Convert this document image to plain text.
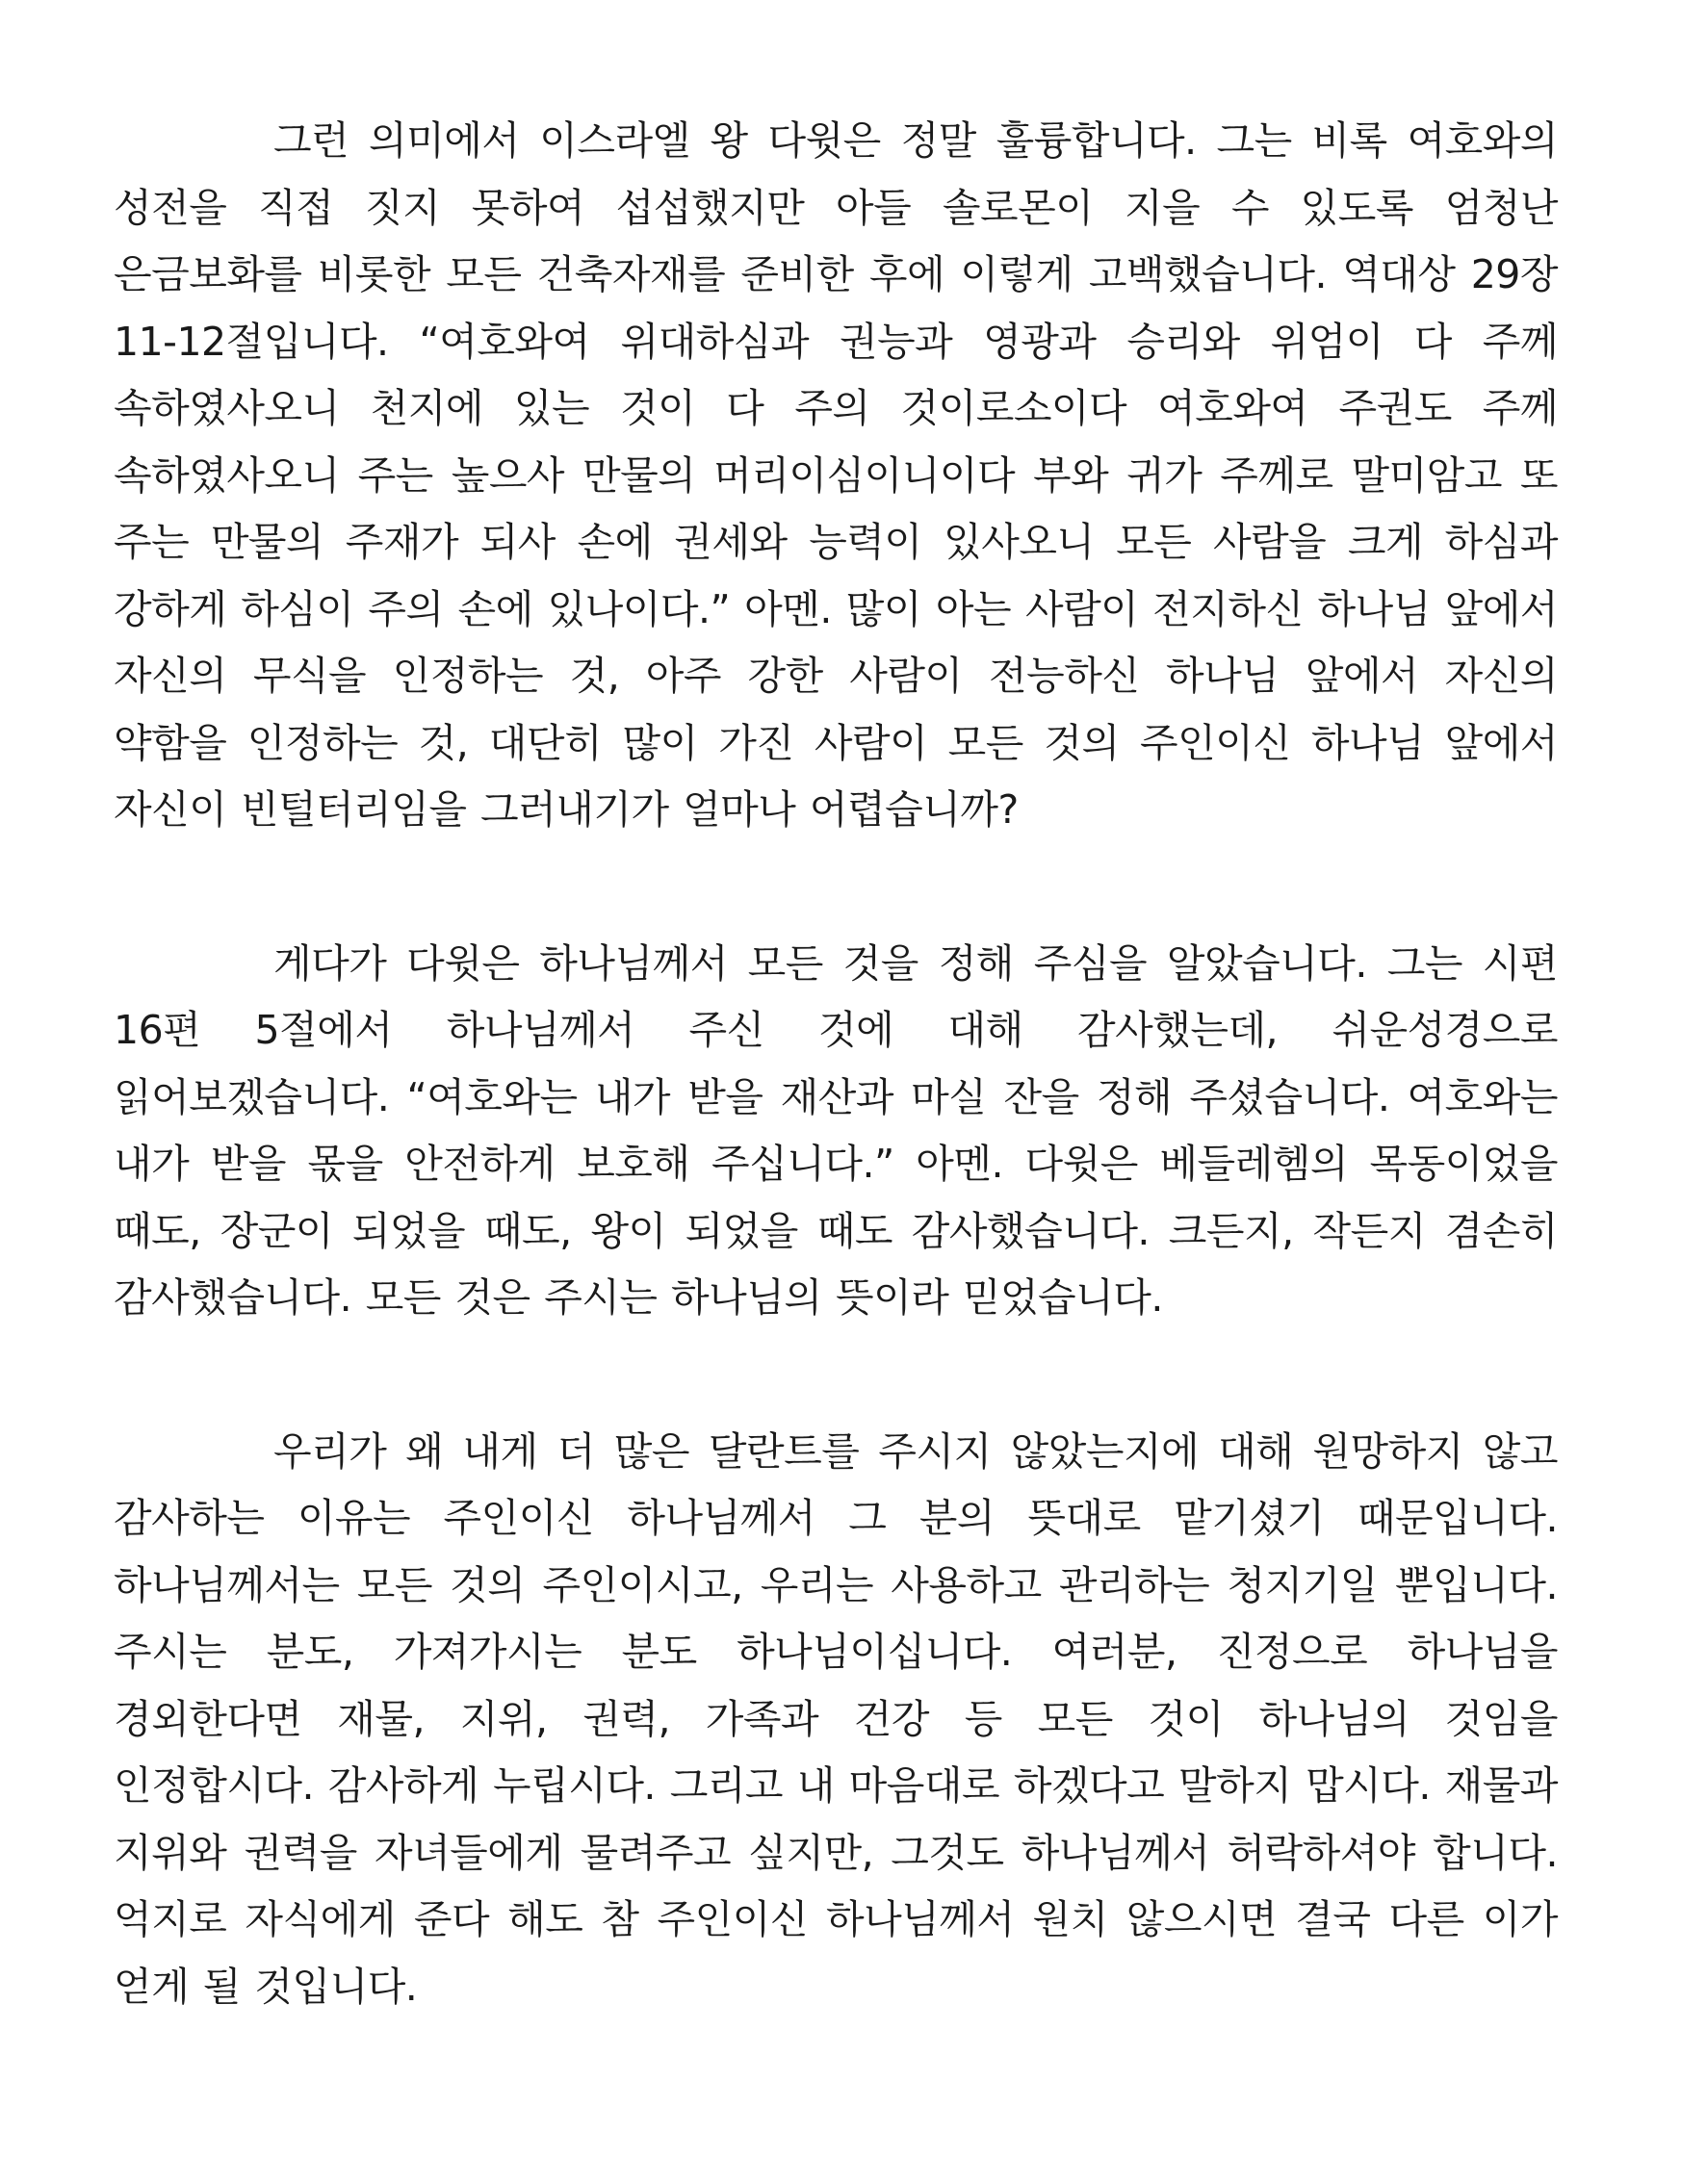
그런 의미에서 이스라엘 왕 다윗은 정말 훌륭합니다. 그는 비록 여호와의 성전을 직접 짓지 못하여 섭섭했지만 아들 솔로몬이 지을 수 있도록 엄청난 은금보화를 비롯한 모든 건축자재를 준비한 후에 이렇게 고백했습니다. 역대상 29장 11-12절입니다. “여호와여 위대하심과 권능과 영광과 승리와 위엄이 다 주께 속하였사오니 천지에 있는 것이 다 주의 것이로소이다 여호와여 주권도 주께 속하였사오니 주는 높으사 만물의 머리이심이니이다 부와 귀가 주께로 말미암고 또 주는 만물의 주재가 되사 손에 권세와 능력이 있사오니 모든 사람을 크게 하심과 강하게 하심이 주의 손에 있나이다.” 아멘. 많이 아는 사람이 전지하신 하나님 앞에서 자신의 무식을 인정하는 것, 아주 강한 사람이 전능하신 하나님 앞에서 자신의 약함을 인정하는 것, 대단히 많이 가진 사람이 모든 것의 주인이신 하나님 앞에서 자신이 빈털터리임을 그러내기가 얼마나 어렵습니까?

게다가 다윗은 하나님께서 모든 것을 정해 주심을 알았습니다. 그는 시편 16편 5절에서 하나님께서 주신 것에 대해 감사했는데, 쉬운성경으로 읽어보겠습니다. “여호와는 내가 받을 재산과 마실 잔을 정해 주셨습니다. 여호와는 내가 받을 몫을 안전하게 보호해 주십니다.” 아멘. 다윗은 베들레헴의 목동이었을 때도, 장군이 되었을 때도, 왕이 되었을 때도 감사했습니다. 크든지, 작든지 겸손히 감사했습니다. 모든 것은 주시는 하나님의 뜻이라 믿었습니다.

우리가 왜 내게 더 많은 달란트를 주시지 않았는지에 대해 원망하지 않고 감사하는 이유는 주인이신 하나님께서 그 분의 뜻대로 맡기셨기 때문입니다. 하나님께서는 모든 것의 주인이시고, 우리는 사용하고 관리하는 청지기일 뿐입니다. 주시는 분도, 가져가시는 분도 하나님이십니다. 여러분, 진정으로 하나님을 경외한다면 재물, 지위, 권력, 가족과 건강 등 모든 것이 하나님의 것임을 인정합시다. 감사하게 누립시다. 그리고 내 마음대로 하겠다고 말하지 맙시다. 재물과 지위와 권력을 자녀들에게 물려주고 싶지만, 그것도 하나님께서 허락하셔야 합니다. 억지로 자식에게 준다 해도 참 주인이신 하나님께서 원치 않으시면 결국 다른 이가 얻게 될 것입니다.
